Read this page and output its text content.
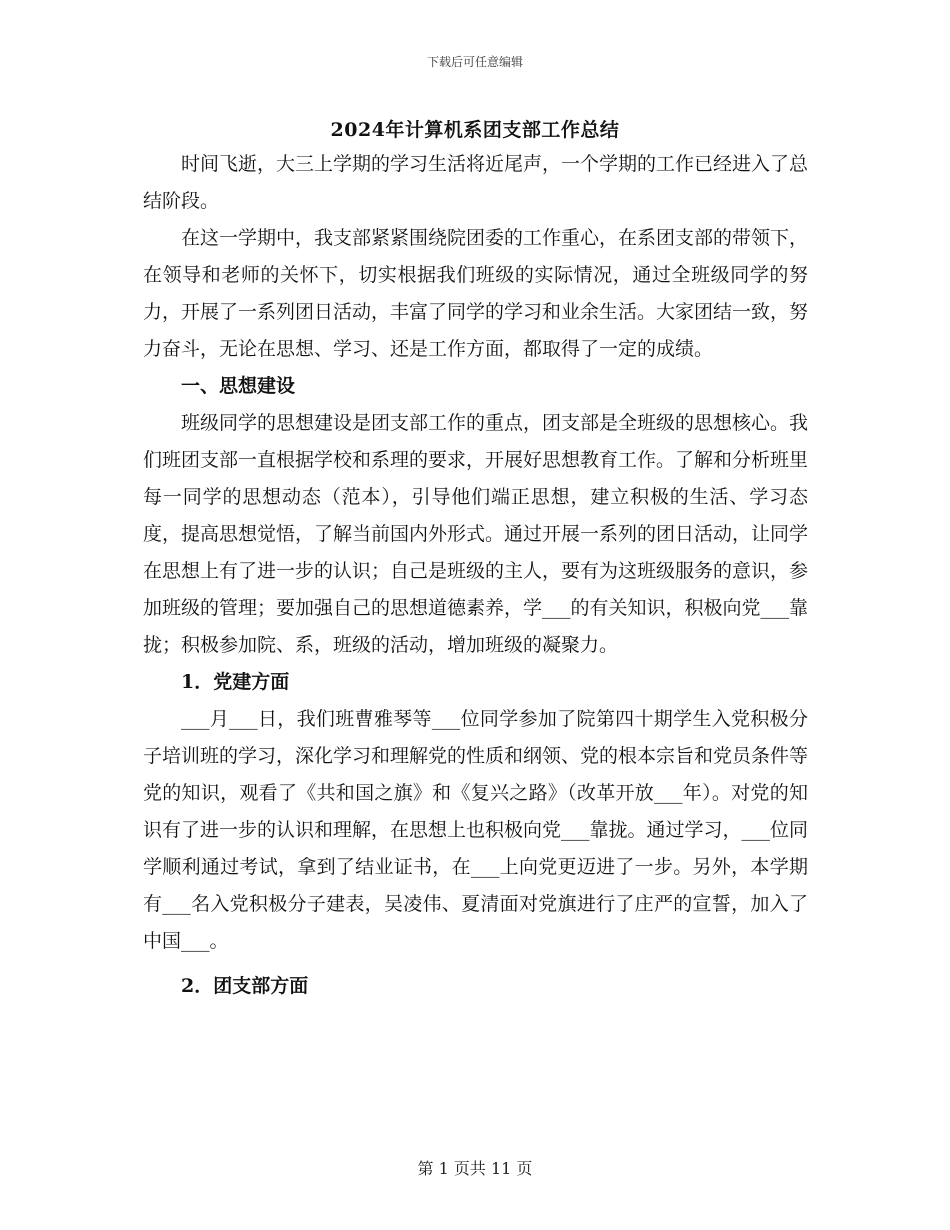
下载后可任意编辑
2024年计算机系团支部工作总结

时间飞逝，大三上学期的学习生活将近尾声，一个学期的工作已经进入了总结阶段。

在这一学期中，我支部紧紧围绕院团委的工作重心，在系团支部的带领下，在领导和老师的关怀下，切实根据我们班级的实际情况，通过全班级同学的努力，开展了一系列团日活动，丰富了同学的学习和业余生活。大家团结一致，努力奋斗，无论在思想、学习、还是工作方面，都取得了一定的成绩。

一、思想建设

班级同学的思想建设是团支部工作的重点，团支部是全班级的思想核心。我们班团支部一直根据学校和系理的要求，开展好思想教育工作。了解和分析班里每一同学的思想动态（范本），引导他们端正思想，建立积极的生活、学习态度，提高思想觉悟，了解当前国内外形式。通过开展一系列的团日活动，让同学在思想上有了进一步的认识；自己是班级的主人，要有为这班级服务的意识，参加班级的管理；要加强自己的思想道德素养，学___的有关知识，积极向党___靠拢；积极参加院、系，班级的活动，增加班级的凝聚力。

1．党建方面

___月___日，我们班曹雅琴等___位同学参加了院第四十期学生入党积极分子培训班的学习，深化学习和理解党的性质和纲领、党的根本宗旨和党员条件等党的知识，观看了《共和国之旗》和《复兴之路》（改革开放___年）。对党的知识有了进一步的认识和理解，在思想上也积极向党___靠拢。通过学习，___位同学顺利通过考试，拿到了结业证书，在___上向党更迈进了一步。另外，本学期有___名入党积极分子建表，吴凌伟、夏清面对党旗进行了庄严的宣誓，加入了中国___。

2．团支部方面

第 1 页共 11 页
